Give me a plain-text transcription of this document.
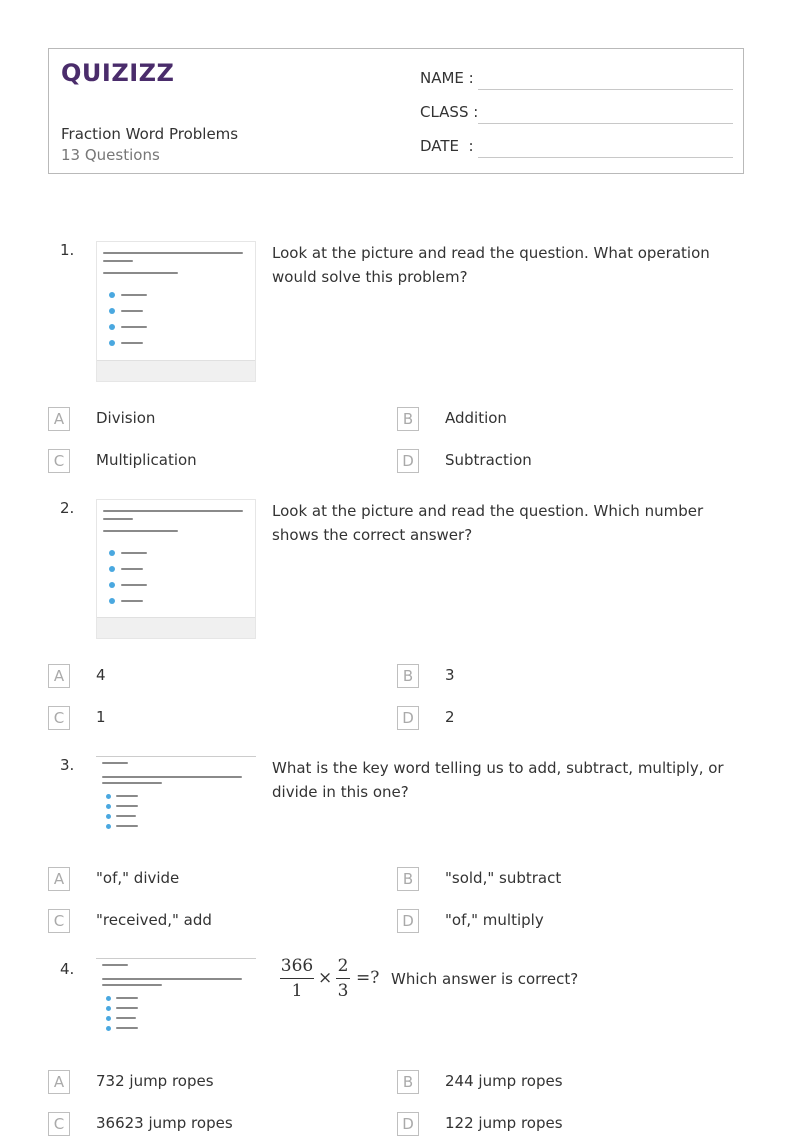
QUIZIZZ
Fraction Word Problems
13 Questions
NAME :
CLASS :
DATE  :
1.	Look at the picture and read the question. What operation would solve this problem?
A	Division	B	Addition
C	Multiplication	D	Subtraction
2.	Look at the picture and read the question. Which number shows the correct answer?
A	4	B	3
C	1	D	2
3.	What is the key word telling us to add, subtract, multiply, or divide in this one?
A	"of," divide	B	"sold," subtract
C	"received," add	D	"of," multiply
4.	366
1
×
2
3
=? Which answer is correct?
A	732 jump ropes	B	244 jump ropes
C	3662​3 jump ropes	D	122 jump ropes
